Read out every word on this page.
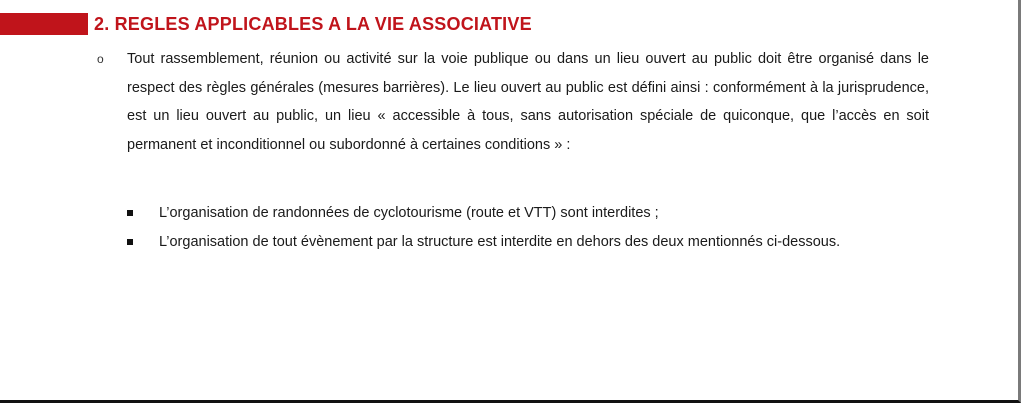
2. REGLES APPLICABLES A LA VIE ASSOCIATIVE
o Tout rassemblement, réunion ou activité sur la voie publique ou dans un lieu ouvert au public doit être organisé dans le respect des règles générales (mesures barrières). Le lieu ouvert au public est défini ainsi : conformément à la jurisprudence, est un lieu ouvert au public, un lieu « accessible à tous, sans autorisation spéciale de quiconque, que l’accès en soit permanent et inconditionnel ou subordonné à certaines conditions » :

L’organisation de randonnées de cyclotourisme (route et VTT) sont interdites ;
L’organisation de tout évènement par la structure est interdite en dehors des deux mentionnés ci-dessous.
